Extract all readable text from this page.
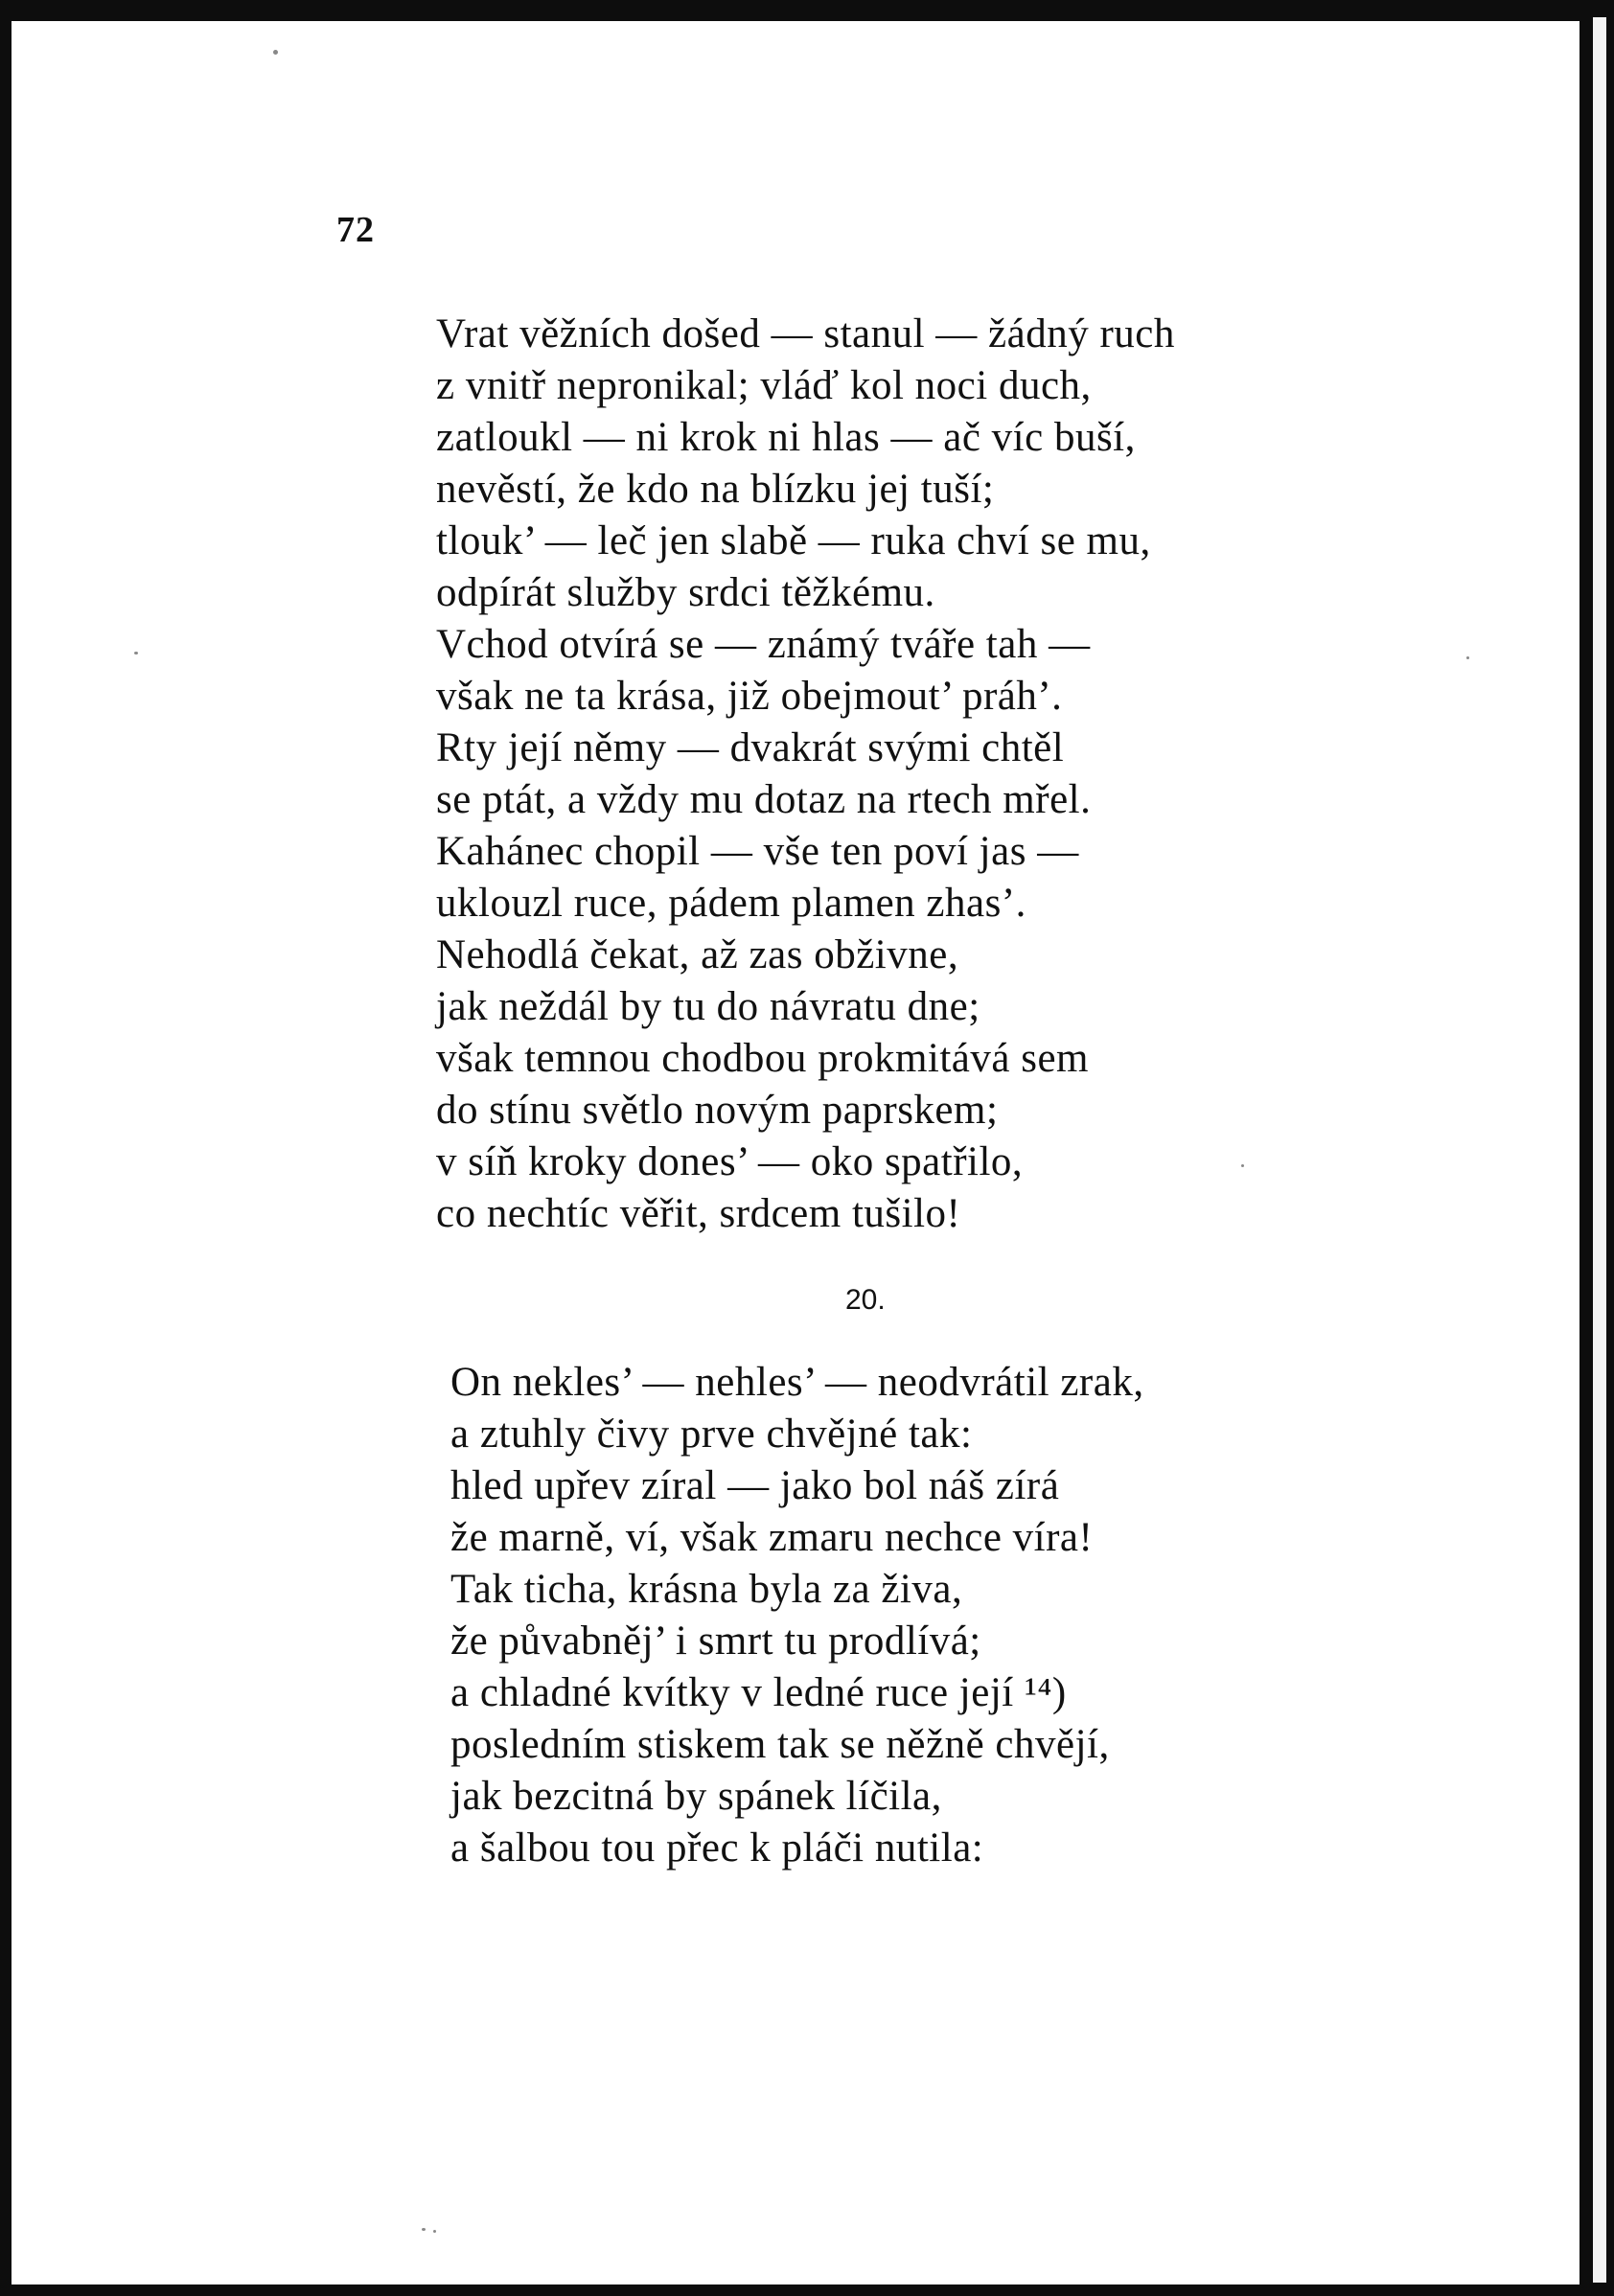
72
Vrat věžních došed — stanul — žádný ruch
z vnitř nepronikal; vláď kol noci duch,
zatloukl — ni krok ni hlas — ač víc buší,
nevěstí, že kdo na blízku jej tuší;
tlouk’ — leč jen slabě — ruka chví se mu,
odpírát služby srdci těžkému.
Vchod otvírá se — známý tváře tah —
však ne ta krása, již obejmout’ práh’.
Rty její němy — dvakrát svými chtěl
se ptát, a vždy mu dotaz na rtech mřel.
Kahánec chopil — vše ten poví jas —
uklouzl ruce, pádem plamen zhas’.
Nehodlá čekat, až zas obživne,
jak neždál by tu do návratu dne;
však temnou chodbou prokmitává sem
do stínu světlo novým paprskem;
v síň kroky dones’ — oko spatřilo,
co nechtíc věřit, srdcem tušilo!
20.
On nekles’ — nehles’ — neodvrátil zrak,
a ztuhly čivy prve chvějné tak:
hled upřev zíral — jako bol náš zírá
že marně, ví, však zmaru nechce víra!
Tak ticha, krásna byla za živa,
že půvabněj’ i smrt tu prodlívá;
a chladné kvítky v ledné ruce její ¹⁴)
posledním stiskem tak se něžně chvějí,
jak bezcitná by spánek líčila,
a šalbou tou přec k pláči nutila:
